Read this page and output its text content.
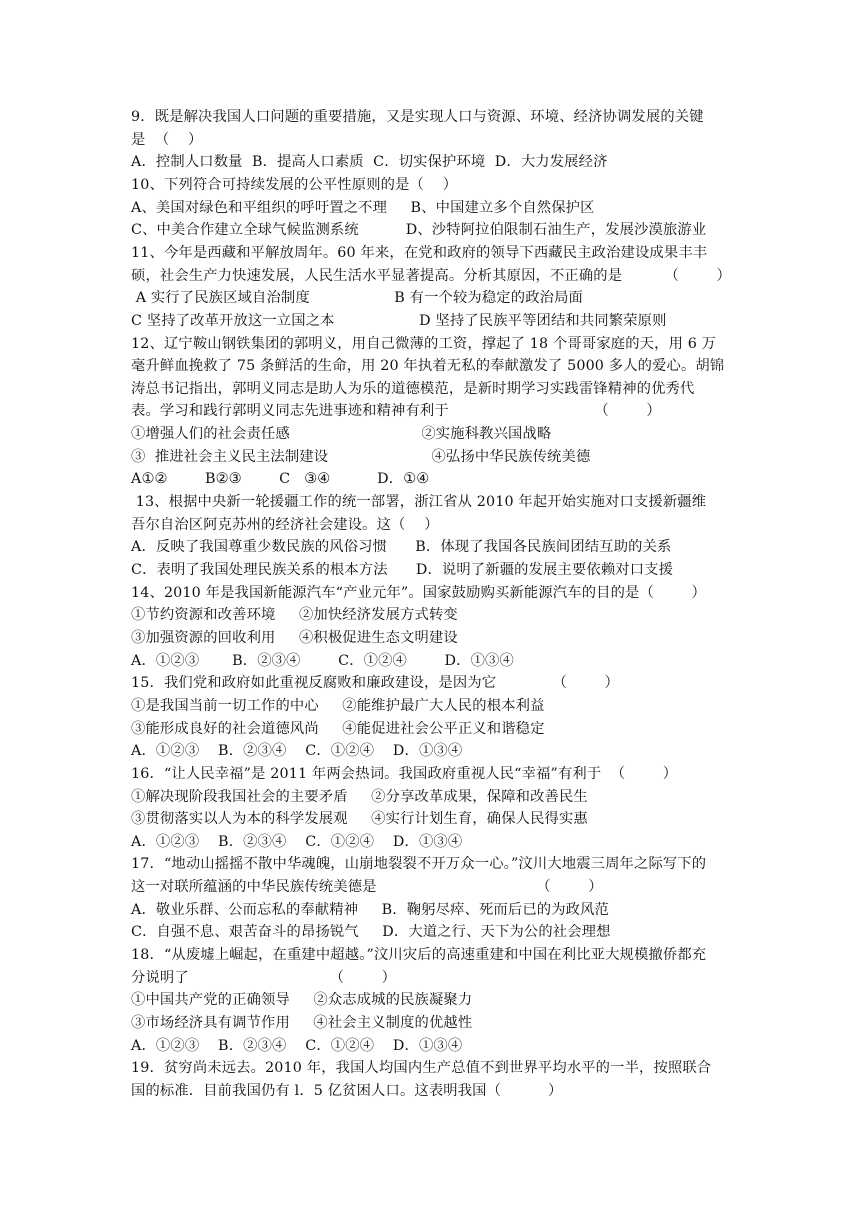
9．既是解决我国人口问题的重要措施，又是实现人口与资源、环境、经济协调发展的关键
是  （    ）
A．控制人口数量  B．提高人口素质  C．切实保护环境  D．大力发展经济
10、下列符合可持续发展的公平性原则的是（    ）
A、美国对绿色和平组织的呼吁置之不理     B、中国建立多个自然保护区
C、中美合作建立全球气候监测系统          D、沙特阿拉伯限制石油生产，发展沙漠旅游业
11、今年是西藏和平解放周年。60 年来，在党和政府的领导下西藏民主政治建设成果丰丰
硕，社会生产力快速发展，人民生活水平显著提高。分析其原因，不正确的是         （        ）
A 实行了民族区域自治制度                  B 有一个较为稳定的政治局面
C 坚持了改革开放这一立国之本                  D 坚持了民族平等团结和共同繁荣原则
12、辽宁鞍山钢铁集团的郭明义，用自己微薄的工资，撑起了 18 个哥哥家庭的天，用 6 万
毫升鲜血挽救了 75 条鲜活的生命，用 20 年执着无私的奉献激发了 5000 多人的爱心。胡锦
涛总书记指出，郭明义同志是助人为乐的道德模范，是新时期学习实践雷锋精神的优秀代
表。学习和践行郭明义同志先进事迹和精神有利于                               （        ）
①增强人们的社会责任感                            ②实施科教兴国战略
③  推进社会主义民主法制建设                      ④弘扬中华民族传统美德
A①②        B②③        C   ③④          D．①④
13、根据中央新一轮援疆工作的统一部署，浙江省从 2010 年起开始实施对口支援新疆维
吾尔自治区阿克苏州的经济社会建设。这（    ）
A．反映了我国尊重少数民族的风俗习惯      B．体现了我国各民族间团结互助的关系
C．表明了我国处理民族关系的根本方法      D．说明了新疆的发展主要依赖对口支援
14、2010 年是我国新能源汽车“产业元年”。国家鼓励购买新能源汽车的目的是（        ）
①节约资源和改善环境     ②加快经济发展方式转变
③加强资源的回收利用     ④积极促进生态文明建设
A．①②③       B．②③④        C．①②④        D．①③④
15．我们党和政府如此重视反腐败和廉政建设，是因为它            （        ）
①是我国当前一切工作的中心     ②能维护最广大人民的根本利益
③能形成良好的社会道德风尚     ④能促进社会公平正义和谐稳定
A．①②③    B．②③④    C．①②④    D．①③④
16．“让人民幸福”是 2011 年两会热词。我国政府重视人民“幸福”有利于  （        ）
①解决现阶段我国社会的主要矛盾     ②分享改革成果，保障和改善民生
③贯彻落实以人为本的科学发展观     ④实行计划生育，确保人民得实惠
A．①②③    B．②③④    C．①②④    D．①③④
17．“地动山摇摇不散中华魂魄，山崩地裂裂不开万众一心。”汶川大地震三周年之际写下的
这一对联所蕴涵的中华民族传统美德是                                  （        ）
A．敬业乐群、公而忘私的奉献精神     B．鞠躬尽瘁、死而后已的为政风范
C．自强不息、艰苦奋斗的昂扬锐气     D．大道之行、天下为公的社会理想
18．“从废墟上崛起，在重建中超越。”汶川灾后的高速重建和中国在利比亚大规模撤侨都充
分说明了                              （        ）
①中国共产党的正确领导     ②众志成城的民族凝聚力
③市场经济具有调节作用     ④社会主义制度的优越性
A．①②③    B．②③④    C．①②④    D．①③④
19．贫穷尚未远去。2010 年，我国人均国内生产总值不到世界平均水平的一半，按照联合
国的标准．目前我国仍有 l．5 亿贫困人口。这表明我国（          ）
